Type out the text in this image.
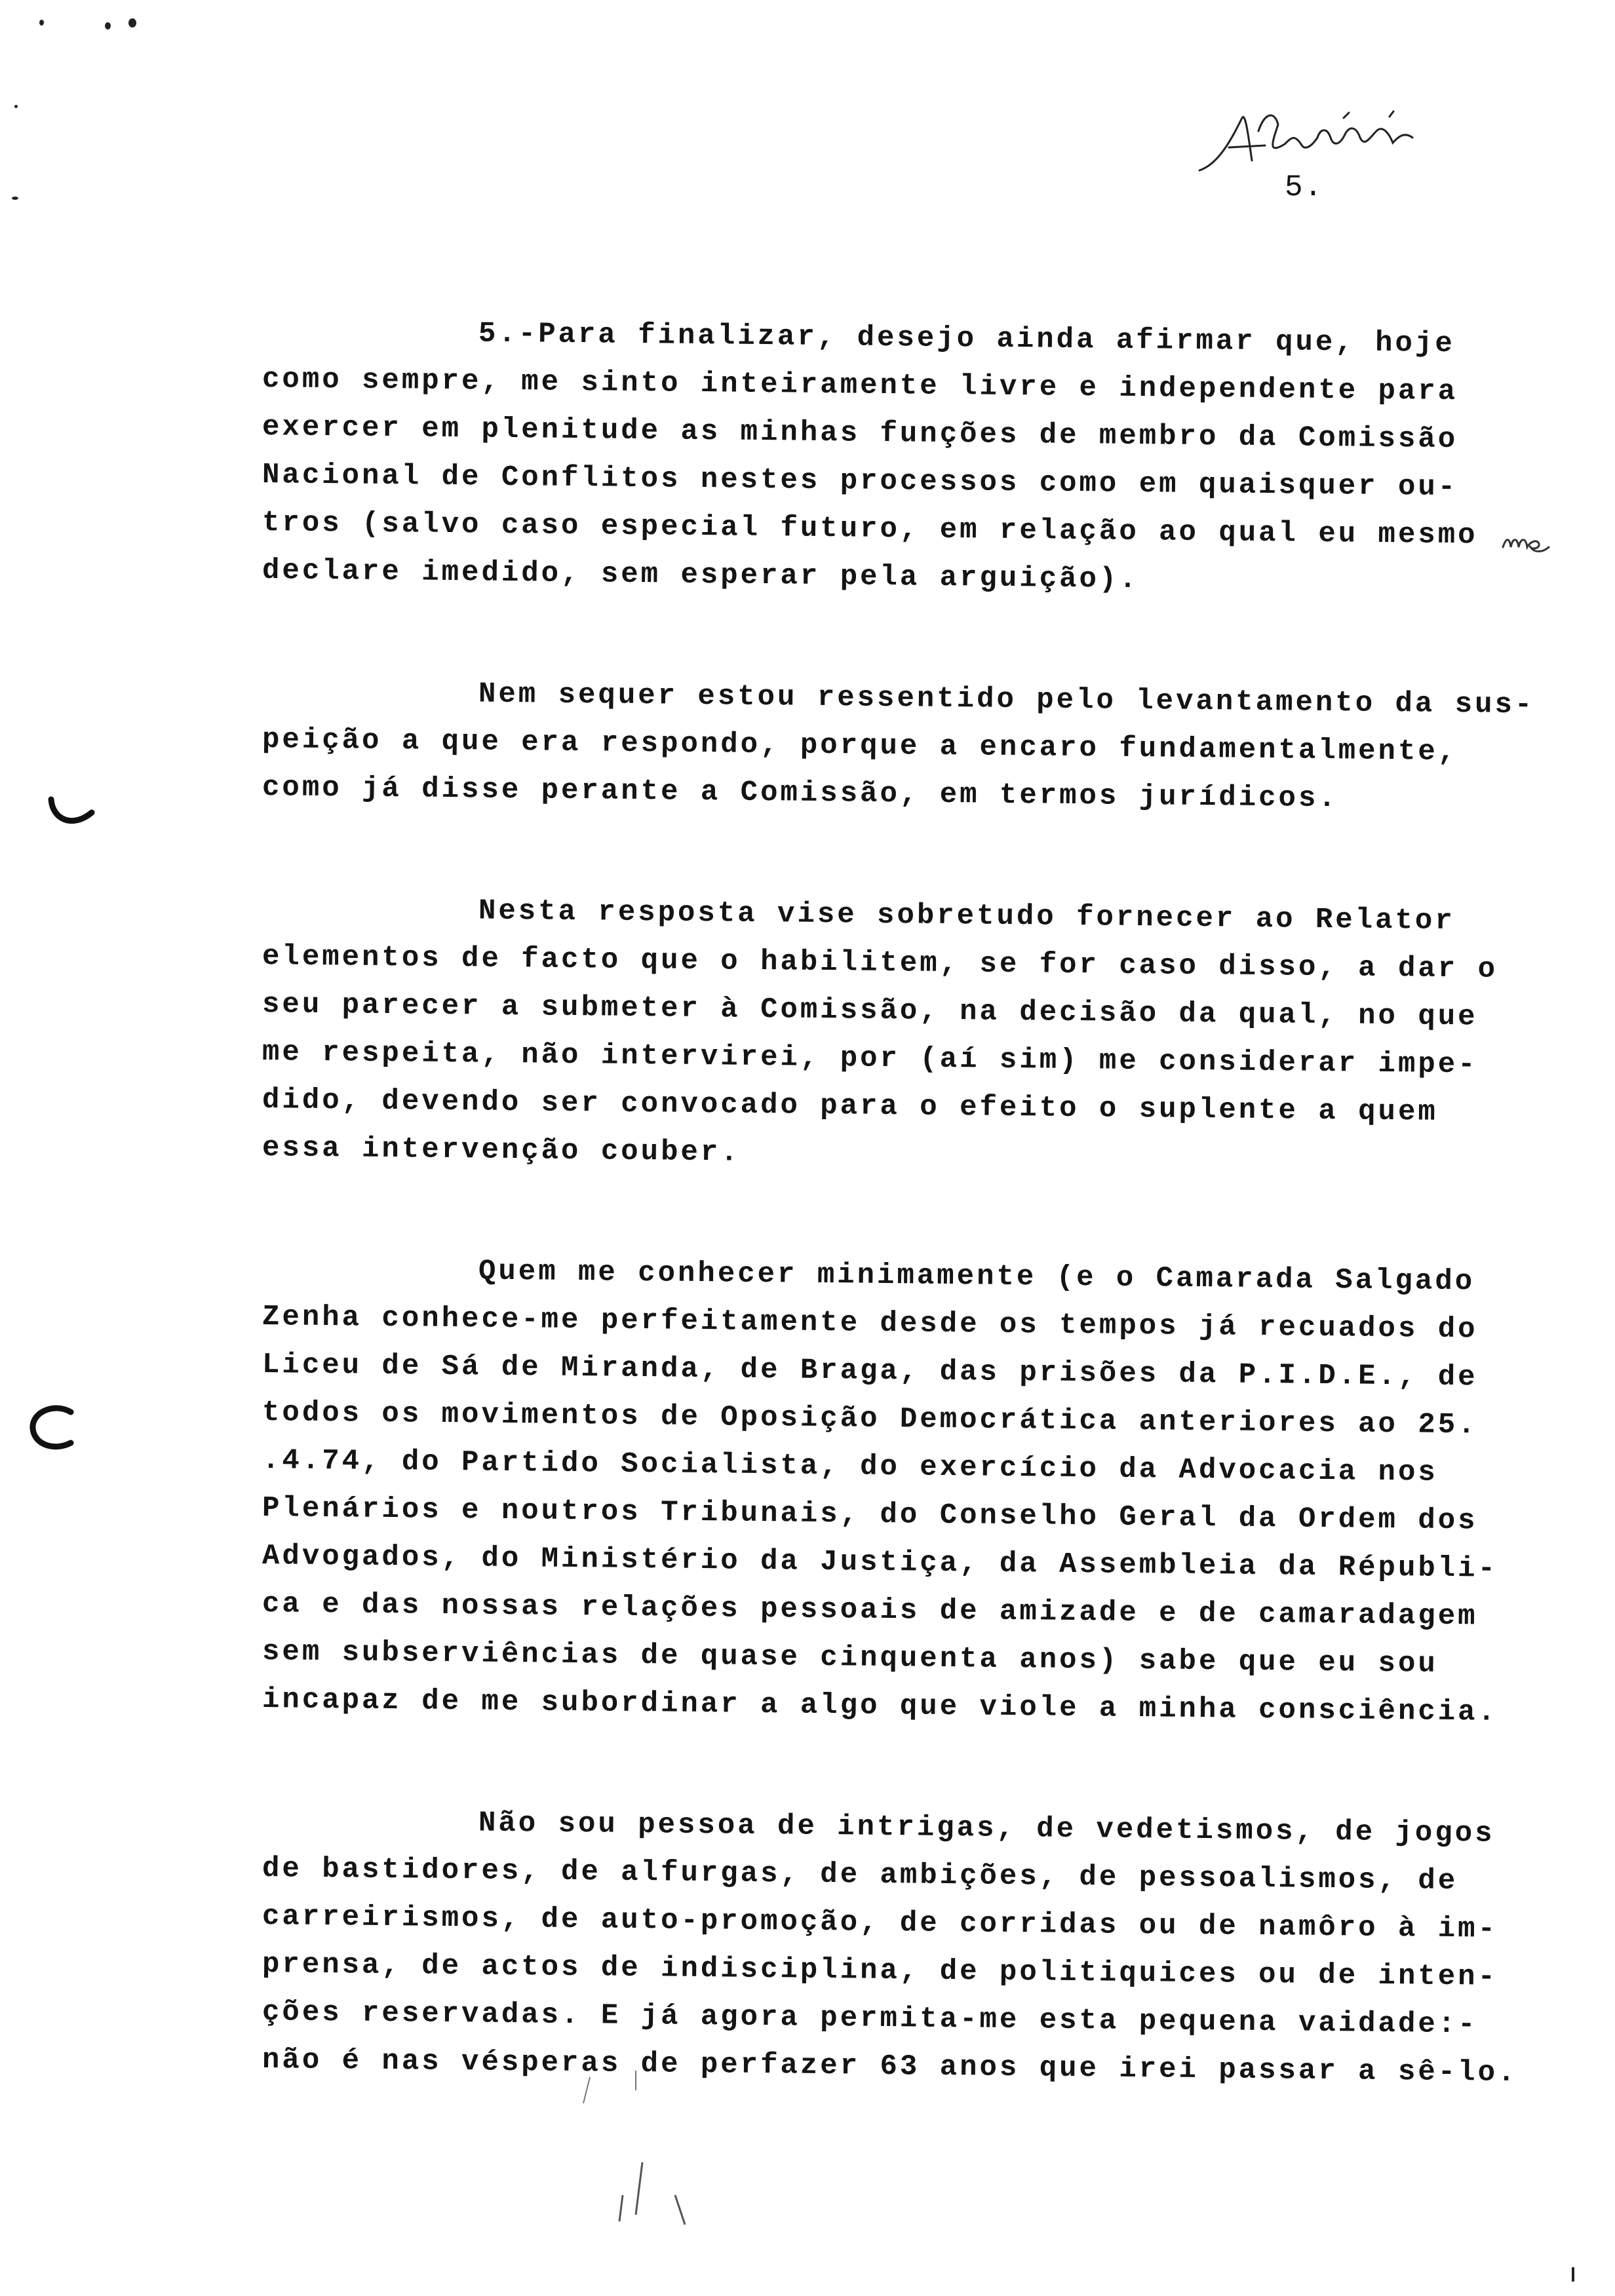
5.
5.-Para finalizar, desejo ainda afirmar que, hoje
como sempre, me sinto inteiramente livre e independente para
exercer em plenitude as minhas funções de membro da Comissão
Nacional de Conflitos nestes processos como em quaisquer ou-
tros (salvo caso especial futuro, em relação ao qual eu mesmo
declare imedido, sem esperar pela arguição).
Nem sequer estou ressentido pelo levantamento da sus-
peição a que era respondo, porque a encaro fundamentalmente,
como já disse perante a Comissão, em termos jurídicos.
Nesta resposta vise sobretudo fornecer ao Relator
elementos de facto que o habilitem, se for caso disso, a dar o
seu parecer a submeter à Comissão, na decisão da qual, no que
me respeita, não intervirei, por (aí sim) me considerar impe-
dido, devendo ser convocado para o efeito o suplente a quem
essa intervenção couber.
Quem me conhecer minimamente (e o Camarada Salgado
Zenha conhece-me perfeitamente desde os tempos já recuados do
Liceu de Sá de Miranda, de Braga, das prisões da P.I.D.E., de
todos os movimentos de Oposição Democrática anteriores ao 25.
.4.74, do Partido Socialista, do exercício da Advocacia nos
Plenários e noutros Tribunais, do Conselho Geral da Ordem dos
Advogados, do Ministério da Justiça, da Assembleia da Républi-
ca e das nossas relações pessoais de amizade e de camaradagem
sem subserviências de quase cinquenta anos) sabe que eu sou
incapaz de me subordinar a algo que viole a minha consciência.
Não sou pessoa de intrigas, de vedetismos, de jogos
de bastidores, de alfurgas, de ambições, de pessoalismos, de
carreirismos, de auto-promoção, de corridas ou de namôro à im-
prensa, de actos de indisciplina, de politiquices ou de inten-
ções reservadas. E já agora permita-me esta pequena vaidade:-
não é nas vésperas de perfazer 63 anos que irei passar a sê-lo.
